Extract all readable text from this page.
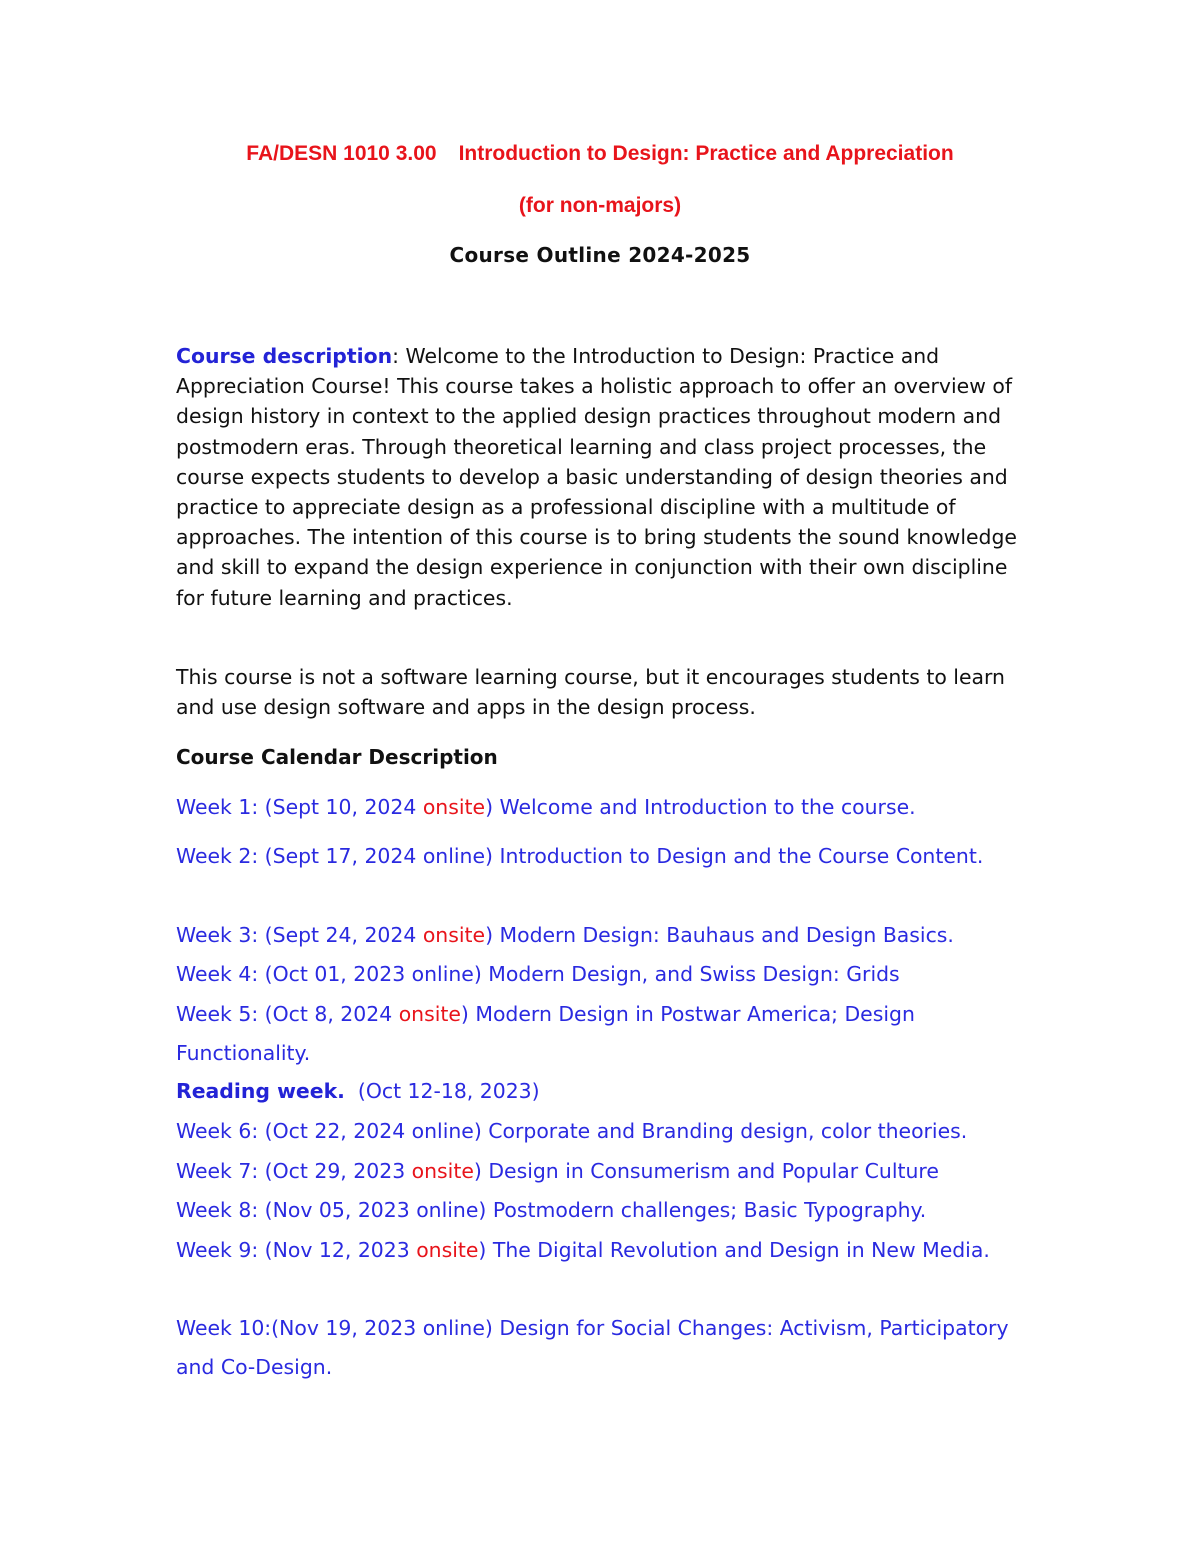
FA/DESN 1010 3.00 Introduction to Design: Practice and Appreciation
(for non-majors)
Course Outline 2024-2025
Course description: Welcome to the Introduction to Design: Practice and Appreciation Course! This course takes a holistic approach to offer an overview of design history in context to the applied design practices throughout modern and postmodern eras. Through theoretical learning and class project processes, the course expects students to develop a basic understanding of design theories and practice to appreciate design as a professional discipline with a multitude of approaches. The intention of this course is to bring students the sound knowledge and skill to expand the design experience in conjunction with their own discipline for future learning and practices.
This course is not a software learning course, but it encourages students to learn and use design software and apps in the design process.
Course Calendar Description
Week 1: (Sept 10, 2024 onsite) Welcome and Introduction to the course.
Week 2: (Sept 17, 2024 online) Introduction to Design and the Course Content.
Week 3: (Sept 24, 2024 onsite) Modern Design: Bauhaus and Design Basics.
Week 4: (Oct 01, 2023 online) Modern Design, and Swiss Design: Grids
Week 5: (Oct 8, 2024 onsite) Modern Design in Postwar America; Design Functionality.
Reading week. (Oct 12-18, 2023)
Week 6: (Oct 22, 2024 online) Corporate and Branding design, color theories.
Week 7: (Oct 29, 2023 onsite) Design in Consumerism and Popular Culture
Week 8: (Nov 05, 2023 online) Postmodern challenges; Basic Typography.
Week 9: (Nov 12, 2023 onsite) The Digital Revolution and Design in New Media.
Week 10:(Nov 19, 2023 online) Design for Social Changes: Activism, Participatory and Co-Design.
